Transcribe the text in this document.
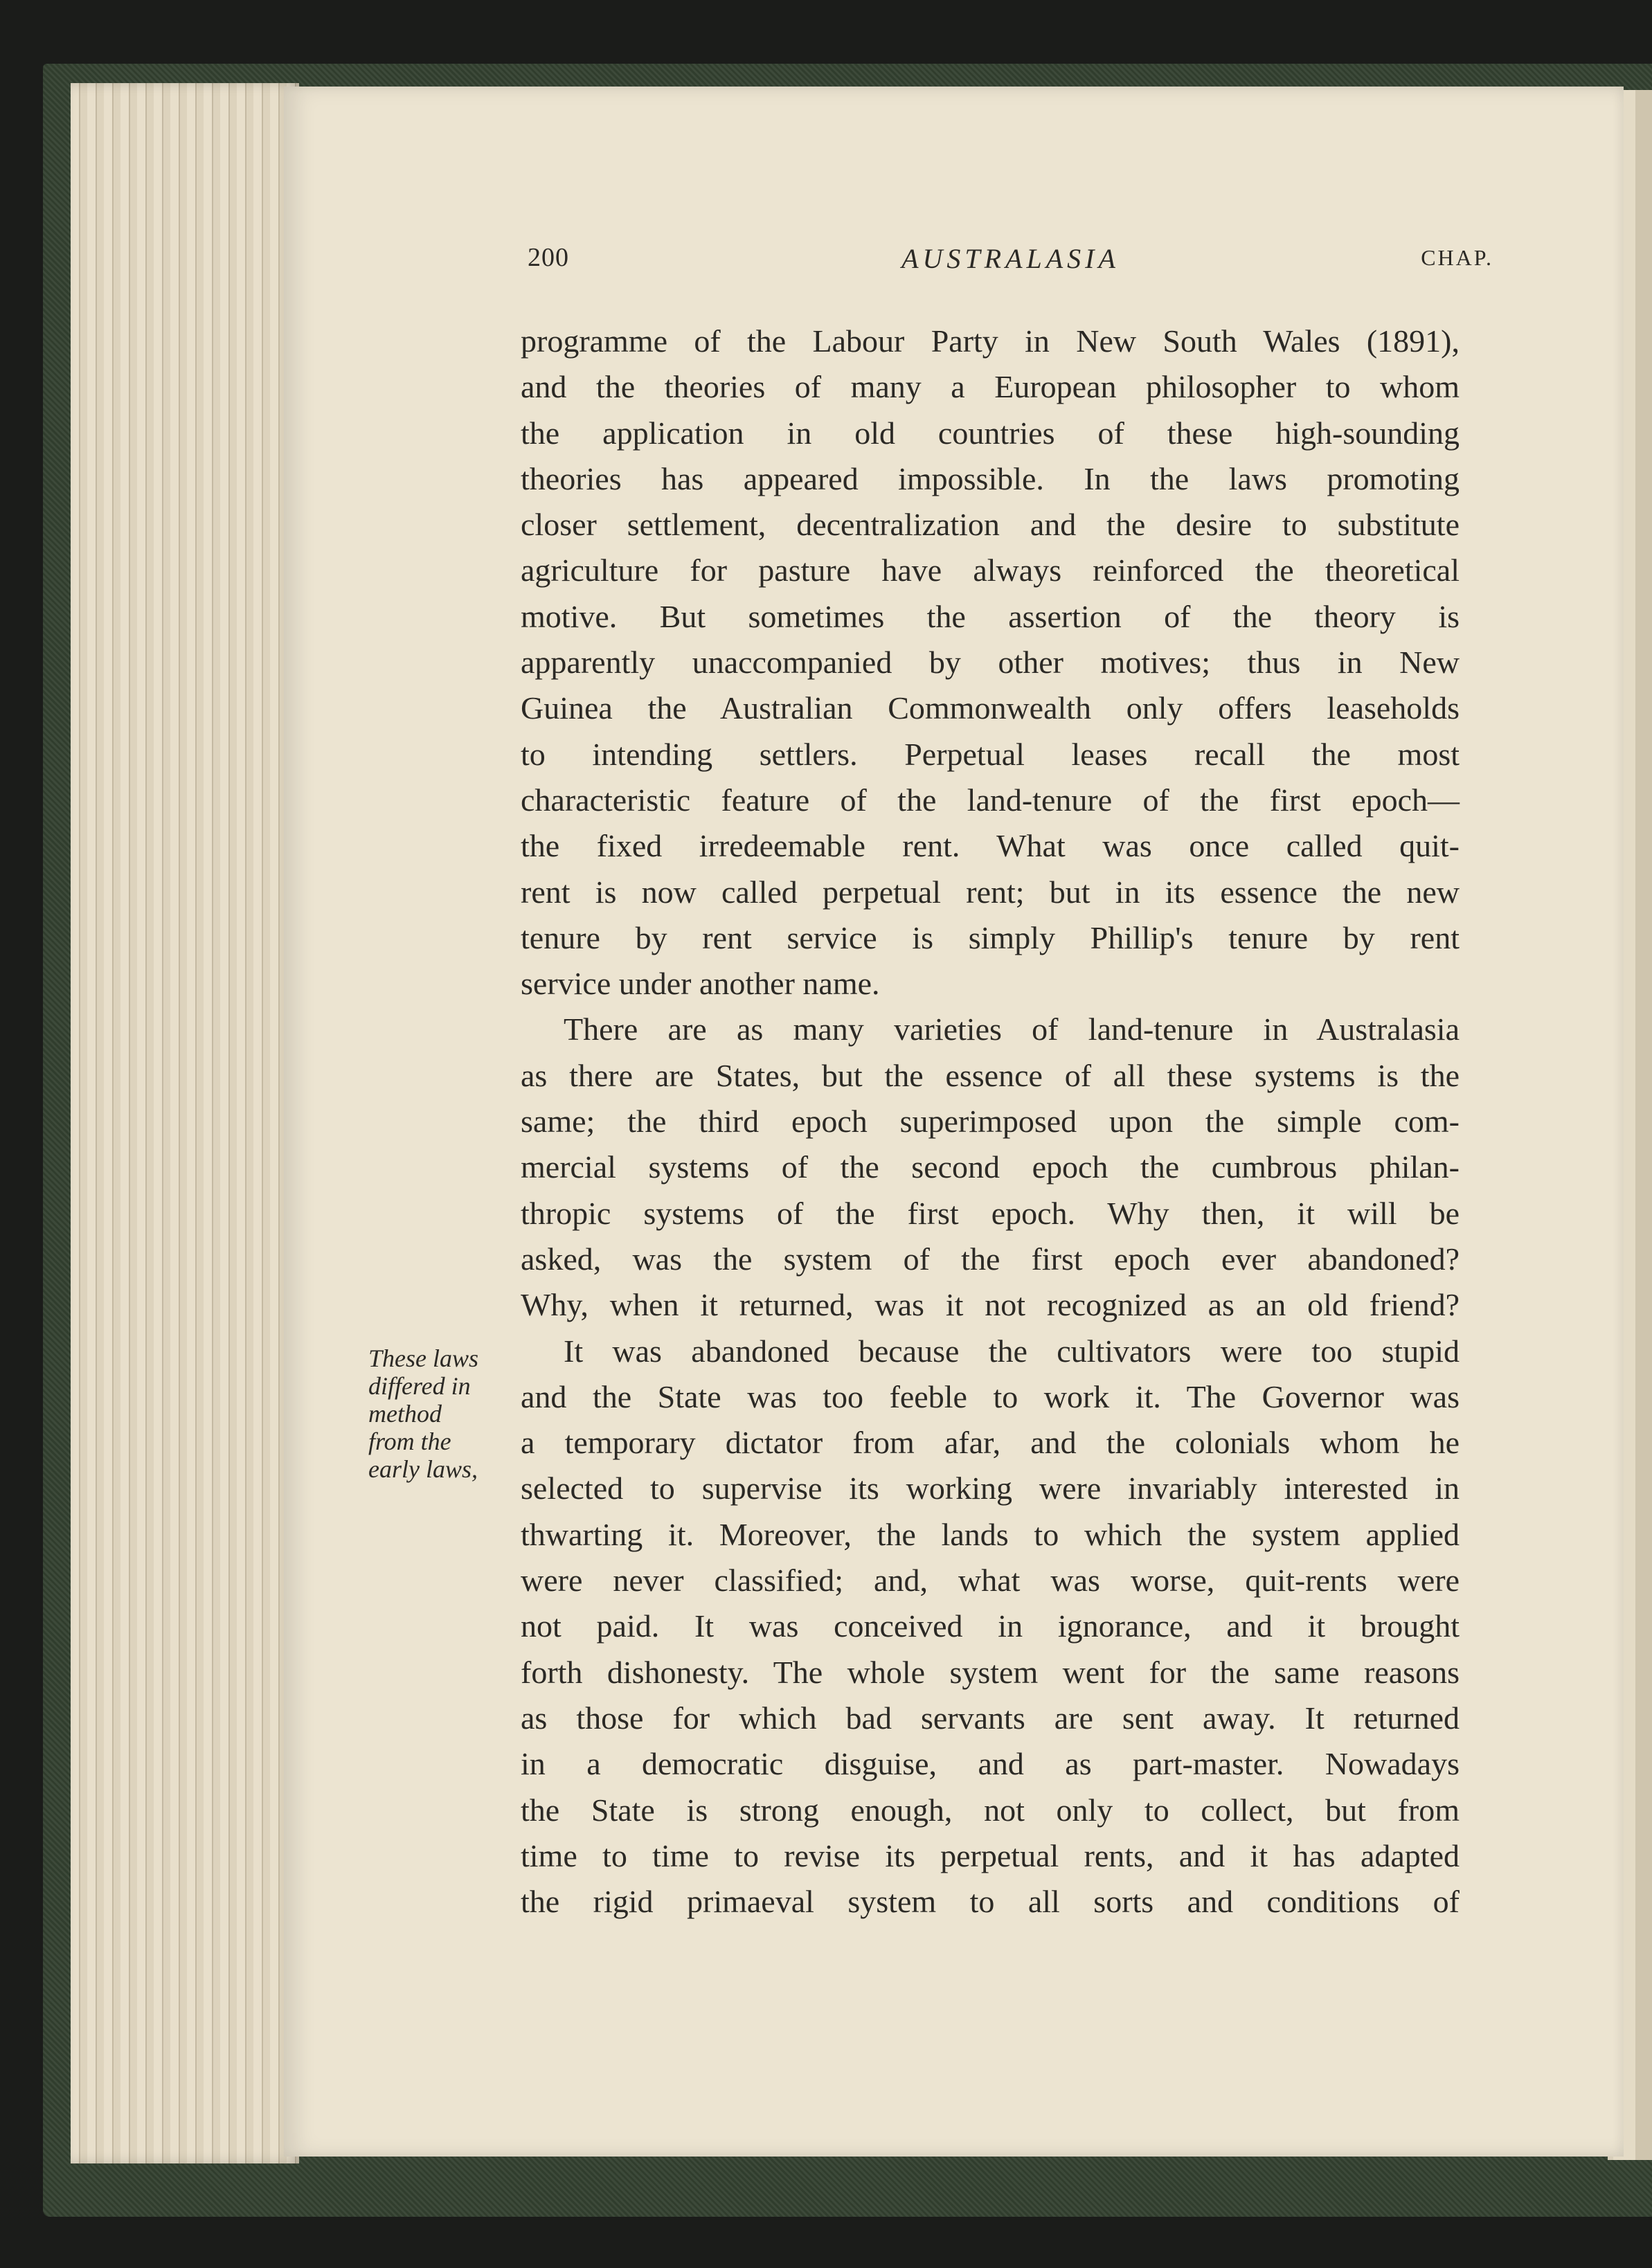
200	AUSTRALASIA	CHAP.
These laws
differed in
method
from the
early laws,
programme of the Labour Party in New South Wales (1891),
and the theories of many a European philosopher to whom
the application in old countries of these high-sounding
theories has appeared impossible. In the laws promoting
closer settlement, decentralization and the desire to substitute
agriculture for pasture have always reinforced the theoretical
motive. But sometimes the assertion of the theory is
apparently unaccompanied by other motives; thus in New
Guinea the Australian Commonwealth only offers leaseholds
to intending settlers. Perpetual leases recall the most
characteristic feature of the land-tenure of the first epoch—
the fixed irredeemable rent. What was once called quit-
rent is now called perpetual rent; but in its essence the new
tenure by rent service is simply Phillip's tenure by rent
service under another name.
There are as many varieties of land-tenure in Australasia
as there are States, but the essence of all these systems is the
same; the third epoch superimposed upon the simple com-
mercial systems of the second epoch the cumbrous philan-
thropic systems of the first epoch. Why then, it will be
asked, was the system of the first epoch ever abandoned?
Why, when it returned, was it not recognized as an old friend?
It was abandoned because the cultivators were too stupid
and the State was too feeble to work it. The Governor was
a temporary dictator from afar, and the colonials whom he
selected to supervise its working were invariably interested in
thwarting it. Moreover, the lands to which the system applied
were never classified; and, what was worse, quit-rents were
not paid. It was conceived in ignorance, and it brought
forth dishonesty. The whole system went for the same reasons
as those for which bad servants are sent away. It returned
in a democratic disguise, and as part-master. Nowadays
the State is strong enough, not only to collect, but from
time to time to revise its perpetual rents, and it has adapted
the rigid primaeval system to all sorts and conditions of
